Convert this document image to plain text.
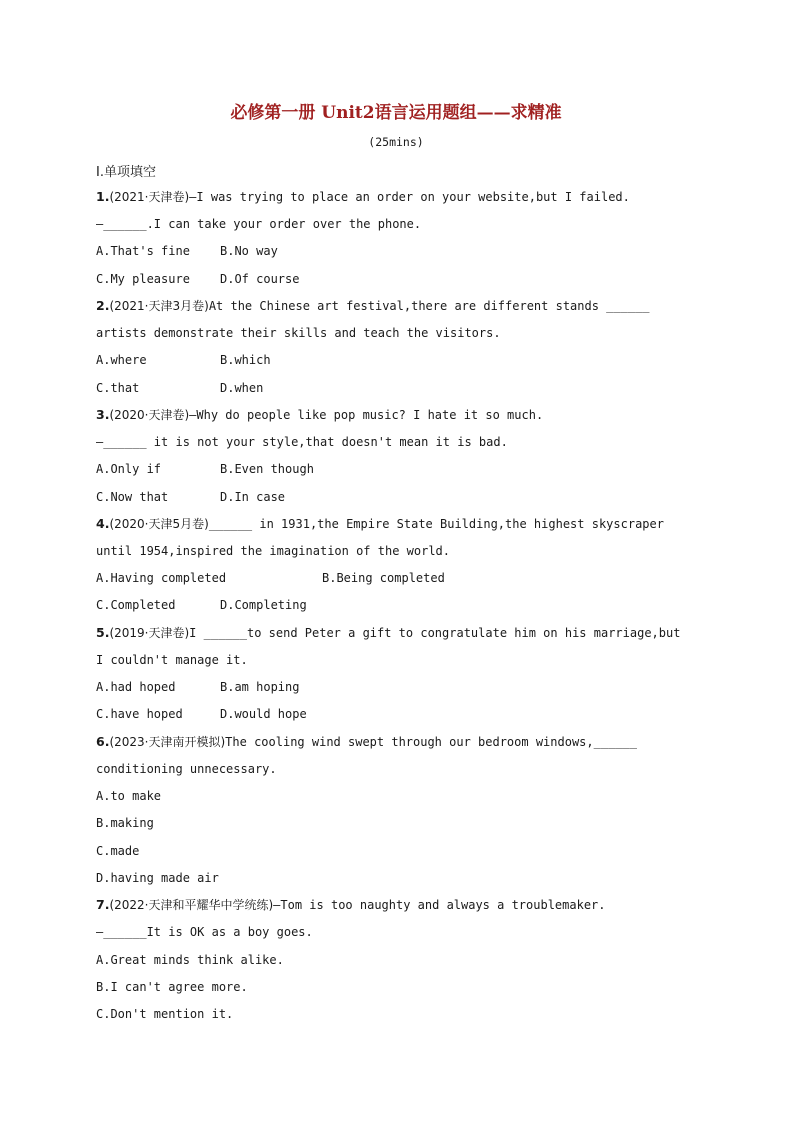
必修第一册 Unit2语言运用题组——求精准
(25mins)
Ⅰ.单项填空
1.(2021·天津卷)—I was trying to place an order on your website,but I failed.
—______.I can take your order over the phone.
A.That's fine	B.No way
C.My pleasure	D.Of course
2.(2021·天津3月卷)At the Chinese art festival,there are different stands ______
artists demonstrate their skills and teach the visitors.
A.where	B.which
C.that	D.when
3.(2020·天津卷)—Why do people like pop music? I hate it so much.
—______ it is not your style,that doesn't mean it is bad.
A.Only if	B.Even though
C.Now that	D.In case
4.(2020·天津5月卷)______ in 1931,the Empire State Building,the highest skyscraper
until 1954,inspired the imagination of the world.
A.Having completed	B.Being completed
C.Completed	D.Completing
5.(2019·天津卷)I ______to send Peter a gift to congratulate him on his marriage,but
I couldn't manage it.
A.had hoped	B.am hoping
C.have hoped	D.would hope
6.(2023·天津南开模拟)The cooling wind swept through our bedroom windows,______
conditioning unnecessary.
A.to make
B.making
C.made
D.having made air
7.(2022·天津和平耀华中学统练)—Tom is too naughty and always a troublemaker.
—______It is OK as a boy goes.
A.Great minds think alike.
B.I can't agree more.
C.Don't mention it.
